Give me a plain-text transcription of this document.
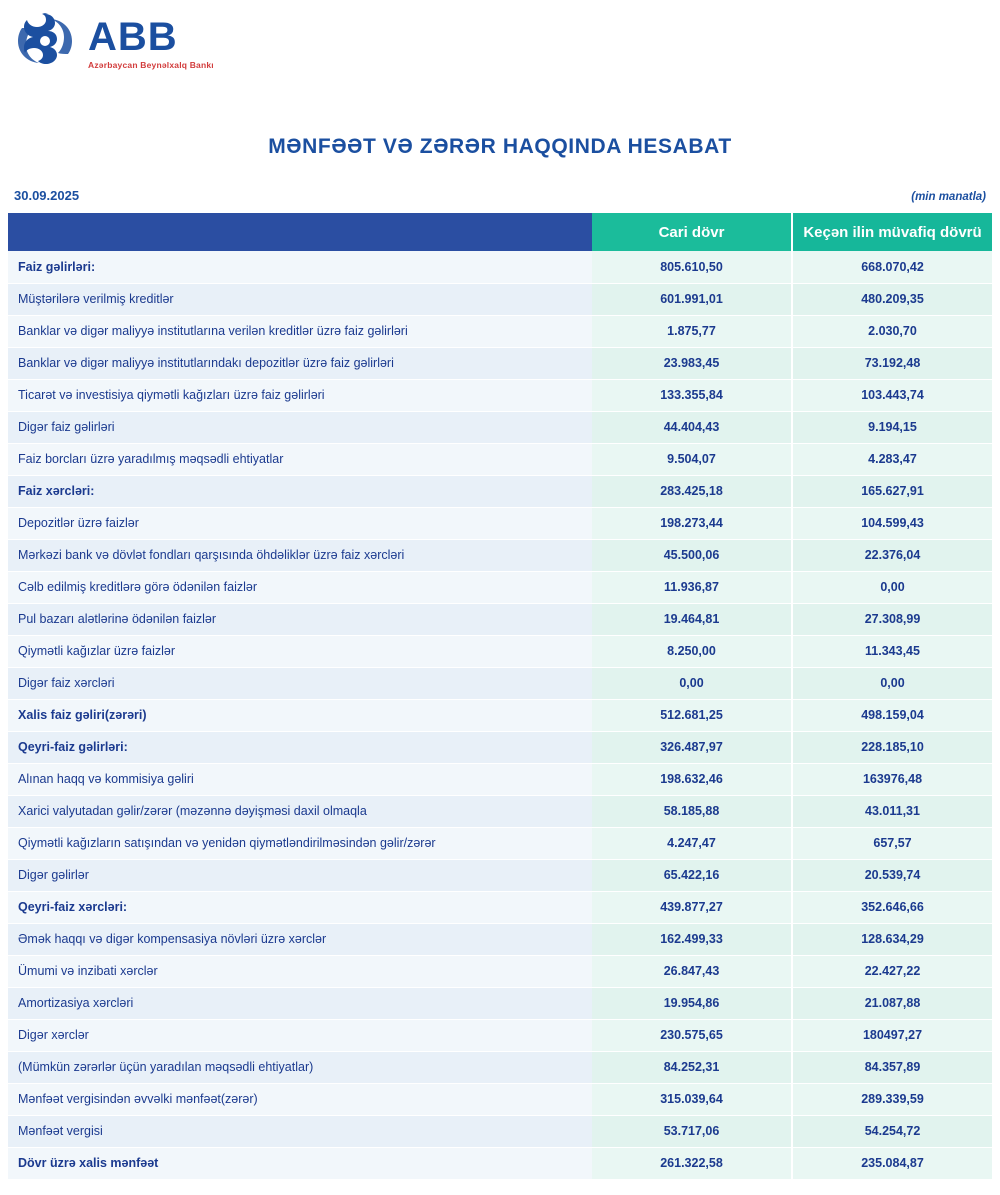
ABB
Azərbaycan Beynəlxalq Bankı
MƏNFƏƏT VƏ ZƏRƏR HAQQINDA HESABAT
30.09.2025	(min manatla)
	Cari dövr	Keçən ilin müvafiq dövrü
Faiz gəlirləri:	805.610,50	668.070,42
Müştərilərə verilmiş kreditlər	601.991,01	480.209,35
Banklar və digər maliyyə institutlarına verilən kreditlər üzrə faiz gəlirləri	1.875,77	2.030,70
Banklar və digər maliyyə institutlarındakı depozitlər üzrə faiz gəlirləri	23.983,45	73.192,48
Ticarət və investisiya qiymətli kağızları üzrə faiz gəlirləri	133.355,84	103.443,74
Digər faiz gəlirləri	44.404,43	9.194,15
Faiz borcları üzrə yaradılmış məqsədli ehtiyatlar	9.504,07	4.283,47
Faiz xərcləri:	283.425,18	165.627,91
Depozitlər üzrə faizlər	198.273,44	104.599,43
Mərkəzi bank və dövlət fondları qarşısında öhdəliklər üzrə faiz xərcləri	45.500,06	22.376,04
Cəlb edilmiş kreditlərə görə ödənilən faizlər	11.936,87	0,00
Pul bazarı alətlərinə ödənilən faizlər	19.464,81	27.308,99
Qiymətli kağızlar üzrə faizlər	8.250,00	11.343,45
Digər faiz xərcləri	0,00	0,00
Xalis faiz gəliri(zərəri)	512.681,25	498.159,04
Qeyri-faiz gəlirləri:	326.487,97	228.185,10
Alınan haqq və kommisiya gəliri	198.632,46	163976,48
Xarici valyutadan gəlir/zərər (məzənnə dəyişməsi daxil olmaqla	58.185,88	43.011,31
Qiymətli kağızların satışından və yenidən qiymətləndirilməsindən gəlir/zərər	4.247,47	657,57
Digər gəlirlər	65.422,16	20.539,74
Qeyri-faiz xərcləri:	439.877,27	352.646,66
Əmək haqqı və digər kompensasiya növləri üzrə xərclər	162.499,33	128.634,29
Ümumi və inzibati xərclər	26.847,43	22.427,22
Amortizasiya xərcləri	19.954,86	21.087,88
Digər xərclər	230.575,65	180497,27
(Mümkün zərərlər üçün yaradılan məqsədli ehtiyatlar)	84.252,31	84.357,89
Mənfəət vergisindən əvvəlki mənfəət(zərər)	315.039,64	289.339,59
Mənfəət vergisi	53.717,06	54.254,72
Dövr üzrə xalis mənfəət	261.322,58	235.084,87
